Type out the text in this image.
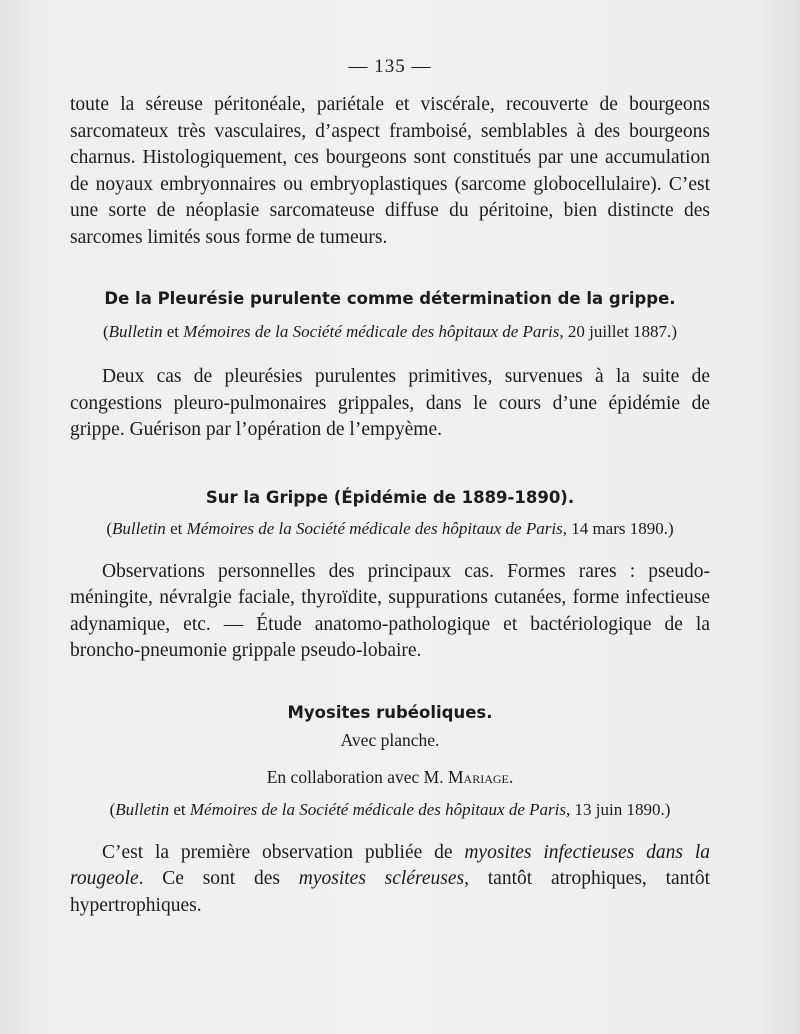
— 135 —

toute la séreuse péritonéale, pariétale et viscérale, recouverte de bourgeons sarcomateux très vasculaires, d’aspect framboisé, semblables à des bourgeons charnus. Histologiquement, ces bourgeons sont constitués par une accumulation de noyaux embryonnaires ou embryoplastiques (sarcome globocellulaire). C’est une sorte de néoplasie sarcomateuse diffuse du péritoine, bien distincte des sarcomes limités sous forme de tumeurs.

De la Pleurésie purulente comme détermination de la grippe.

(Bulletin et Mémoires de la Société médicale des hôpitaux de Paris, 20 juillet 1887.)

Deux cas de pleurésies purulentes primitives, survenues à la suite de congestions pleuro-pulmonaires grippales, dans le cours d’une épidémie de grippe. Guérison par l’opération de l’empyème.

Sur la Grippe (Épidémie de 1889-1890).

(Bulletin et Mémoires de la Société médicale des hôpitaux de Paris, 14 mars 1890.)

Observations personnelles des principaux cas. Formes rares : pseudo-méningite, névralgie faciale, thyroïdite, suppurations cutanées, forme infectieuse adynamique, etc. — Étude anatomo-pathologique et bactériologique de la broncho-pneumonie grippale pseudo-lobaire.

Myosites rubéoliques.

Avec planche.

En collaboration avec M. Mariage.

(Bulletin et Mémoires de la Société médicale des hôpitaux de Paris, 13 juin 1890.)

C’est la première observation publiée de myosites infectieuses dans la rougeole. Ce sont des myosites scléreuses, tantôt atrophiques, tantôt hypertrophiques.
